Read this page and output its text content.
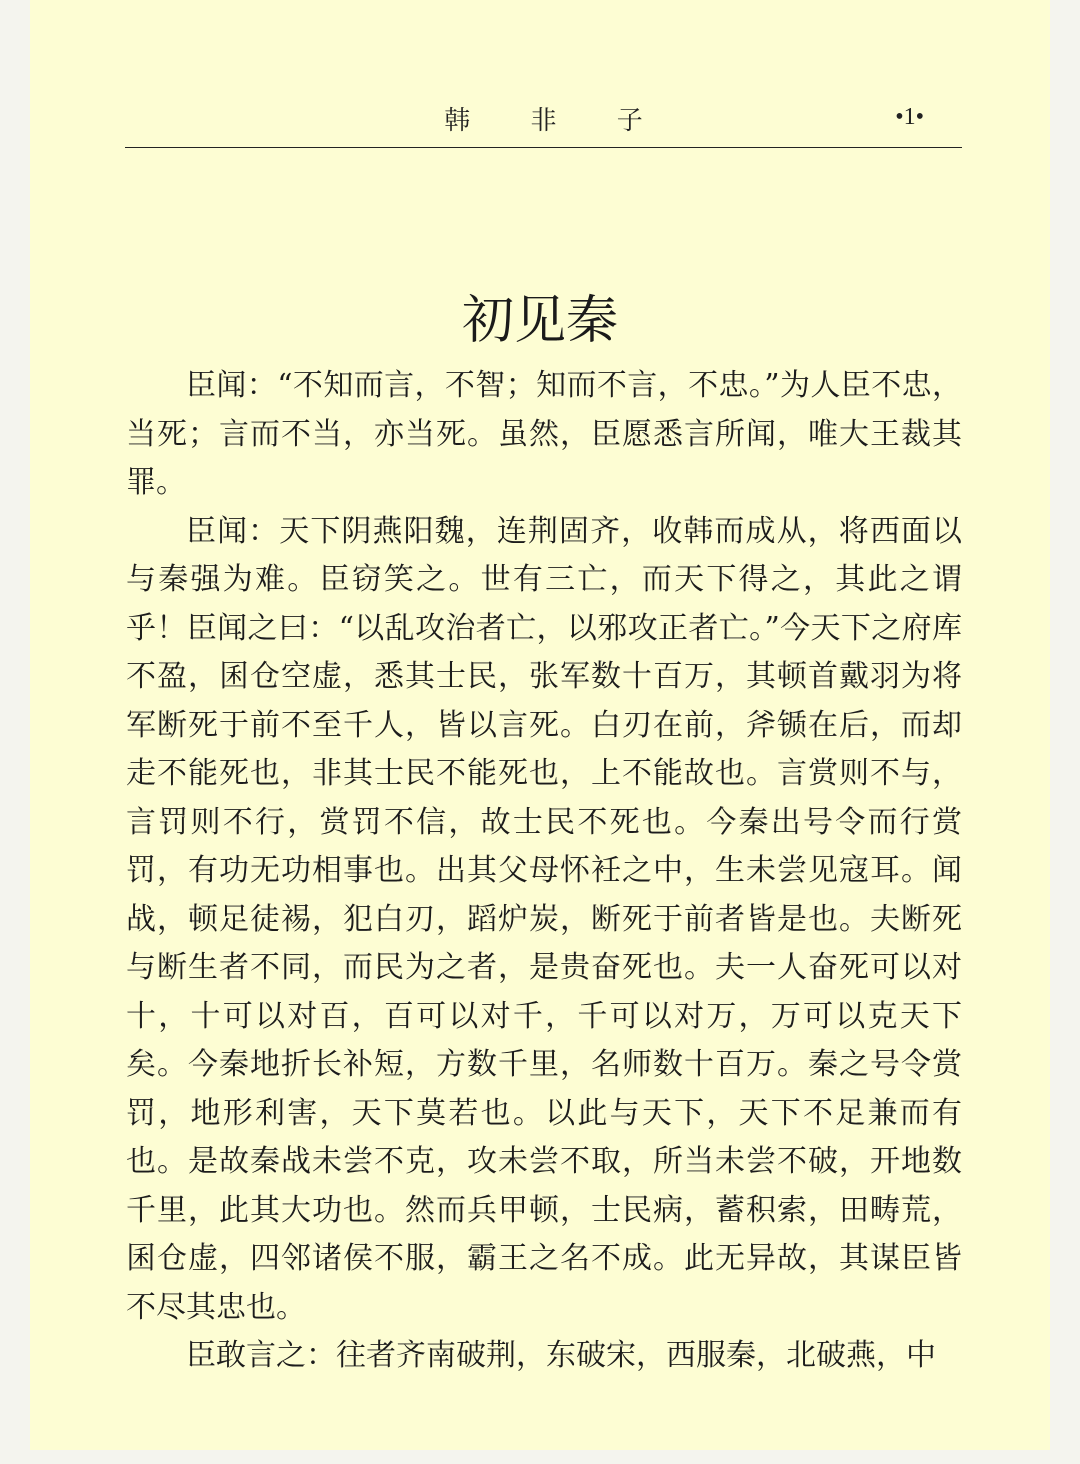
韩 非 子	•1•
初见秦

臣闻：“不知而言，不智；知而不言，不忠。”为人臣不忠，当死；言而不当，亦当死。虽然，臣愿悉言所闻，唯大王裁其罪。

臣闻：天下阴燕阳魏，连荆固齐，收韩而成从，将西面以与秦强为难。臣窃笑之。世有三亡，而天下得之，其此之谓乎！臣闻之曰：“以乱攻治者亡，以邪攻正者亡。”今天下之府库不盈，囷仓空虚，悉其士民，张军数十百万，其顿首戴羽为将军断死于前不至千人，皆以言死。白刃在前，斧锧在后，而却走不能死也，非其士民不能死也，上不能故也。言赏则不与，言罚则不行，赏罚不信，故士民不死也。今秦出号令而行赏罚，有功无功相事也。出其父母怀衽之中，生未尝见寇耳。闻战，顿足徒裼，犯白刃，蹈炉炭，断死于前者皆是也。夫断死与断生者不同，而民为之者，是贵奋死也。夫一人奋死可以对十，十可以对百，百可以对千，千可以对万，万可以克天下矣。今秦地折长补短，方数千里，名师数十百万。秦之号令赏罚，地形利害，天下莫若也。以此与天下，天下不足兼而有也。是故秦战未尝不克，攻未尝不取，所当未尝不破，开地数千里，此其大功也。然而兵甲顿，士民病，蓄积索，田畴荒，囷仓虚，四邻诸侯不服，霸王之名不成。此无异故，其谋臣皆不尽其忠也。

臣敢言之：往者齐南破荆，东破宋，西服秦，北破燕，中
